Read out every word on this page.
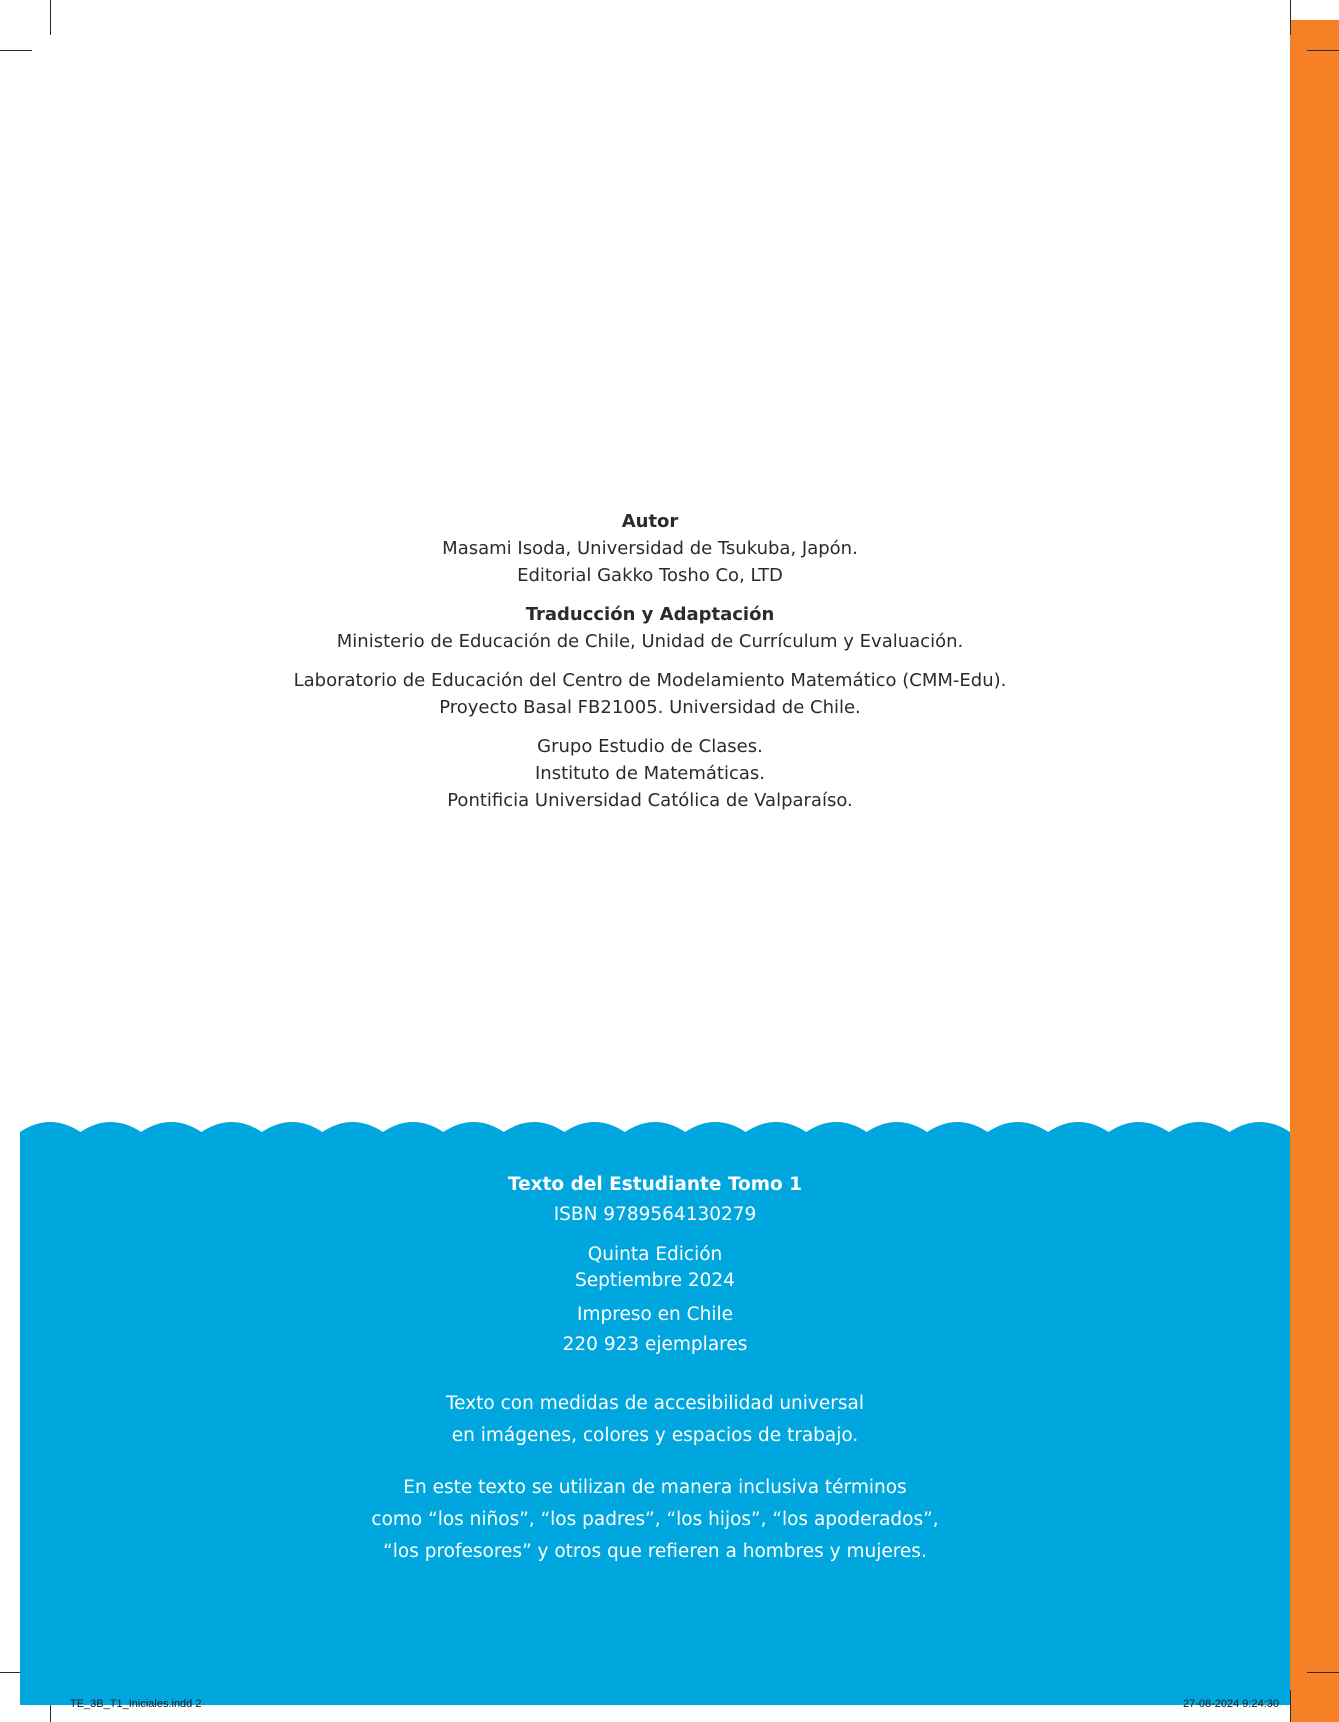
Autor
Masami Isoda, Universidad de Tsukuba, Japón.
Editorial Gakko Tosho Co, LTD
Traducción y Adaptación
Ministerio de Educación de Chile, Unidad de Currículum y Evaluación.
Laboratorio de Educación del Centro de Modelamiento Matemático (CMM-Edu).
Proyecto Basal FB21005. Universidad de Chile.
Grupo Estudio de Clases.
Instituto de Matemáticas.
Pontificia Universidad Católica de Valparaíso.
Texto del Estudiante Tomo 1
ISBN 9789564130279
Quinta Edición
Septiembre 2024
Impreso en Chile
220 923 ejemplares
Texto con medidas de accesibilidad universal
en imágenes, colores y espacios de trabajo.
En este texto se utilizan de manera inclusiva términos
como “los niños”, “los padres”, “los hijos”, “los apoderados”,
“los profesores” y otros que refieren a hombres y mujeres.
TE_3B_T1_Iniciales.indd 2	27-08-2024 9:24:30
